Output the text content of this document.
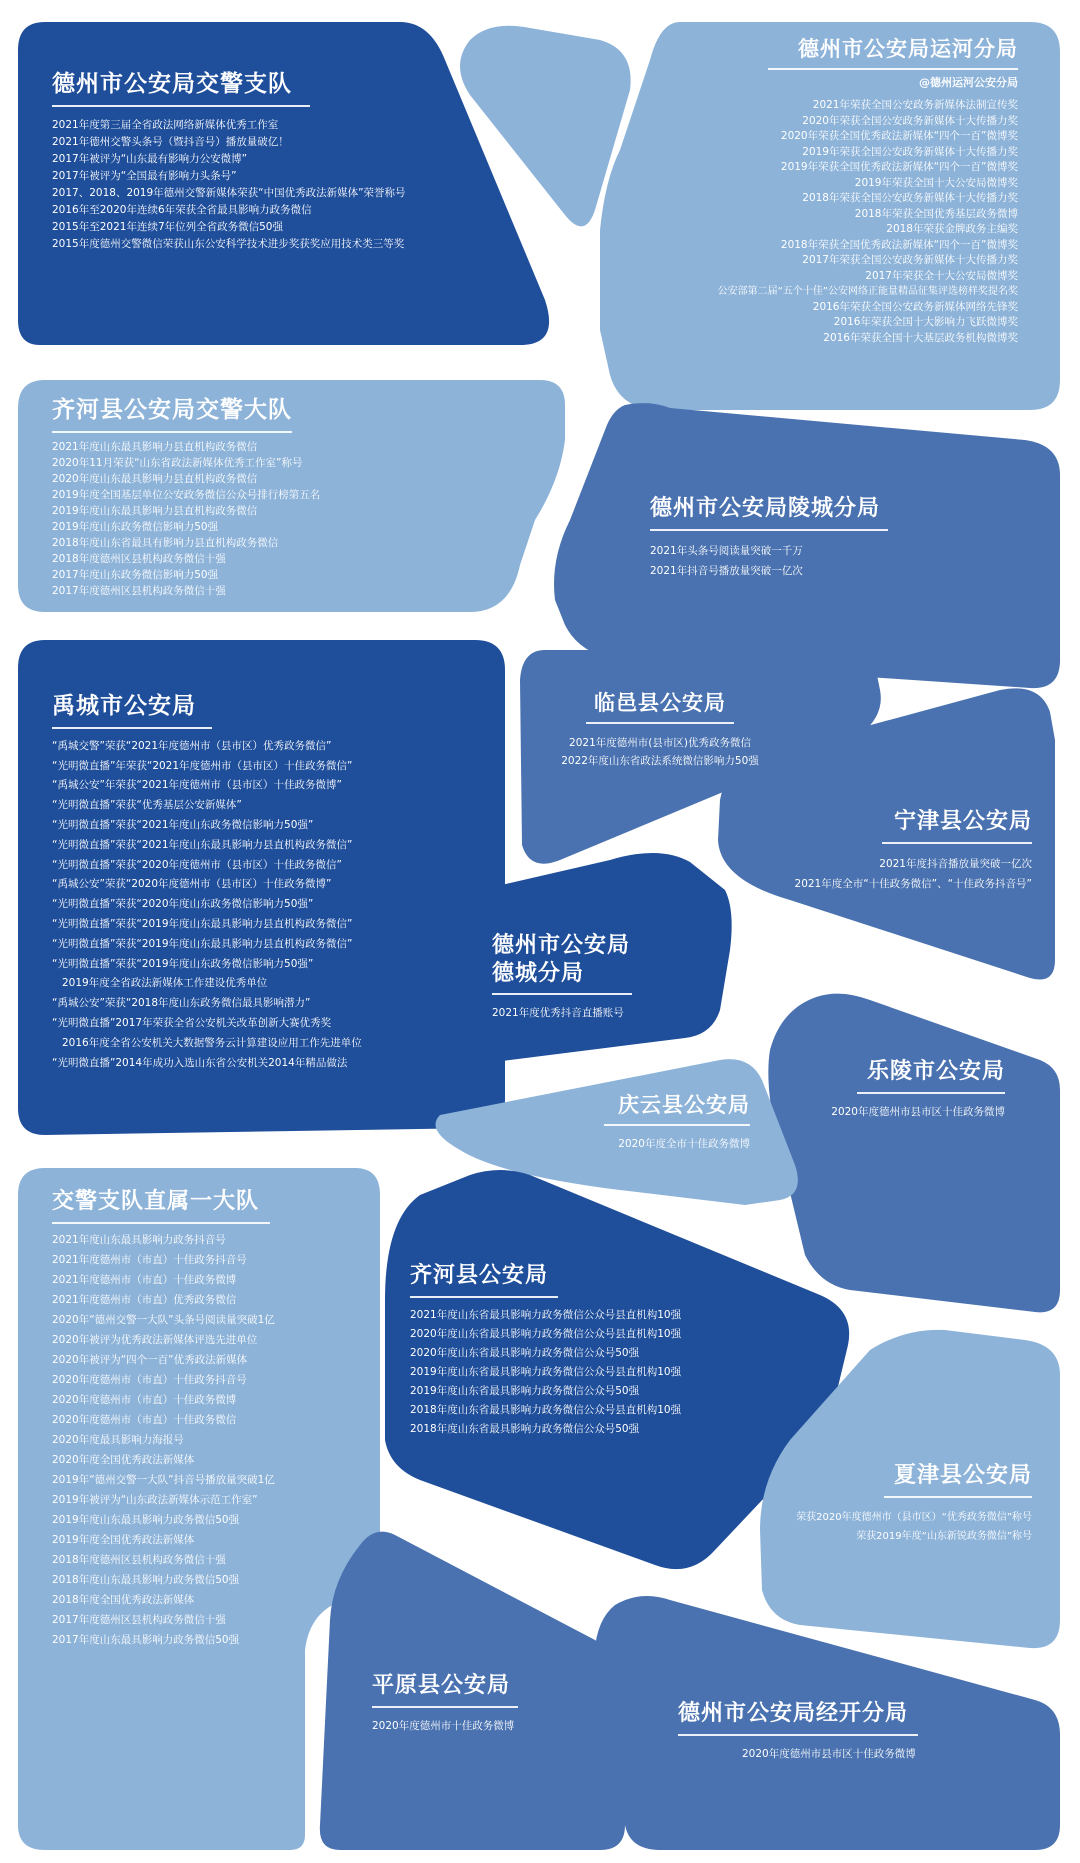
德州市公安局交警支队
2021年度第三届全省政法网络新媒体优秀工作室
2021年德州交警头条号（暨抖音号）播放量破亿！
2017年被评为“山东最有影响力公安微博”
2017年被评为“全国最有影响力头条号”
2017、2018、2019年德州交警新媒体荣获“中国优秀政法新媒体”荣誉称号
2016年至2020年连续6年荣获全省最具影响力政务微信
2015年至2021年连续7年位列全省政务微信50强
2015年度德州交警微信荣获山东公安科学技术进步奖获奖应用技术类三等奖
德州市公安局运河分局
@德州运河公安分局
2021年荣获全国公安政务新媒体法制宣传奖
2020年荣获全国公安政务新媒体十大传播力奖
2020年荣获全国优秀政法新媒体“四个一百”微博奖
2019年荣获全国公安政务新媒体十大传播力奖
2019年荣获全国优秀政法新媒体“四个一百”微博奖
2019年荣获全国十大公安局微博奖
2018年荣获全国公安政务新媒体十大传播力奖
2018年荣获全国优秀基层政务微博
2018年荣获金牌政务主编奖
2018年荣获全国优秀政法新媒体“四个一百”微博奖
2017年荣获全国公安政务新媒体十大传播力奖
2017年荣获全十大公安局微博奖
公安部第二届“五个十佳”公安网络正能量精品征集评选榜样奖提名奖
2016年荣获全国公安政务新媒体网络先锋奖
2016年荣获全国十大影响力飞跃微博奖
2016年荣获全国十大基层政务机构微博奖
齐河县公安局交警大队
2021年度山东最具影响力县直机构政务微信
2020年11月荣获“山东省政法新媒体优秀工作室”称号
2020年度山东最具影响力县直机构政务微信
2019年度全国基层单位公安政务微信公众号排行榜第五名
2019年度山东最具影响力县直机构政务微信
2019年度山东政务微信影响力50强
2018年度山东省最具有影响力县直机构政务微信
2018年度德州区县机构政务微信十强
2017年度山东政务微信影响力50强
2017年度德州区县机构政务微信十强
德州市公安局陵城分局
2021年头条号阅读量突破一千万
2021年抖音号播放量突破一亿次
禹城市公安局
“禹城交警”荣获“2021年度德州市（县市区）优秀政务微信”
“光明微直播”年荣获“2021年度德州市（县市区）十佳政务微信”
“禹城公安”年荣获“2021年度德州市（县市区）十佳政务微博”
“光明微直播”荣获“优秀基层公安新媒体”
“光明微直播”荣获“2021年度山东政务微信影响力50强”
“光明微直播”荣获“2021年度山东最具影响力县直机构政务微信”
“光明微直播”荣获“2020年度德州市（县市区）十佳政务微信”
“禹城公安”荣获“2020年度德州市（县市区）十佳政务微博”
“光明微直播”荣获“2020年度山东政务微信影响力50强”
“光明微直播”荣获“2019年度山东最具影响力县直机构政务微信”
“光明微直播”荣获“2019年度山东最具影响力县直机构政务微信”
“光明微直播”荣获“2019年度山东政务微信影响力50强”
2019年度全省政法新媒体工作建设优秀单位
“禹城公安”荣获“2018年度山东政务微信最具影响潜力”
“光明微直播”2017年荣获全省公安机关改革创新大赛优秀奖
2016年度全省公安机关大数据警务云计算建设应用工作先进单位
“光明微直播”2014年成功入选山东省公安机关2014年精品做法
临邑县公安局
2021年度德州市(县市区)优秀政务微信
2022年度山东省政法系统微信影响力50强
宁津县公安局
2021年度抖音播放量突破一亿次
2021年度全市“十佳政务微信”、“十佳政务抖音号”
德州市公安局
德城分局
2021年度优秀抖音直播账号
乐陵市公安局
2020年度德州市县市区十佳政务微博
庆云县公安局
2020年度全市十佳政务微博
交警支队直属一大队
2021年度山东最具影响力政务抖音号
2021年度德州市（市直）十佳政务抖音号
2021年度德州市（市直）十佳政务微博
2021年度德州市（市直）优秀政务微信
2020年“德州交警一大队”头条号阅读量突破1亿
2020年被评为优秀政法新媒体评选先进单位
2020年被评为“四个一百”优秀政法新媒体
2020年度德州市（市直）十佳政务抖音号
2020年度德州市（市直）十佳政务微博
2020年度德州市（市直）十佳政务微信
2020年度最具影响力海报号
2020年度全国优秀政法新媒体
2019年“德州交警一大队”抖音号播放量突破1亿
2019年被评为“山东政法新媒体示范工作室”
2019年度山东最具影响力政务微信50强
2019年度全国优秀政法新媒体
2018年度德州区县机构政务微信十强
2018年度山东最具影响力政务微信50强
2018年度全国优秀政法新媒体
2017年度德州区县机构政务微信十强
2017年度山东最具影响力政务微信50强
齐河县公安局
2021年度山东省最具影响力政务微信公众号县直机构10强
2020年度山东省最具影响力政务微信公众号县直机构10强
2020年度山东省最具影响力政务微信公众号50强
2019年度山东省最具影响力政务微信公众号县直机构10强
2019年度山东省最具影响力政务微信公众号50强
2018年度山东省最具影响力政务微信公众号县直机构10强
2018年度山东省最具影响力政务微信公众号50强
夏津县公安局
荣获2020年度德州市（县市区）“优秀政务微信”称号
荣获2019年度“山东新锐政务微信”称号
平原县公安局
2020年度德州市十佳政务微博	德州市公安局经开分局
2020年度德州市县市区十佳政务微博
